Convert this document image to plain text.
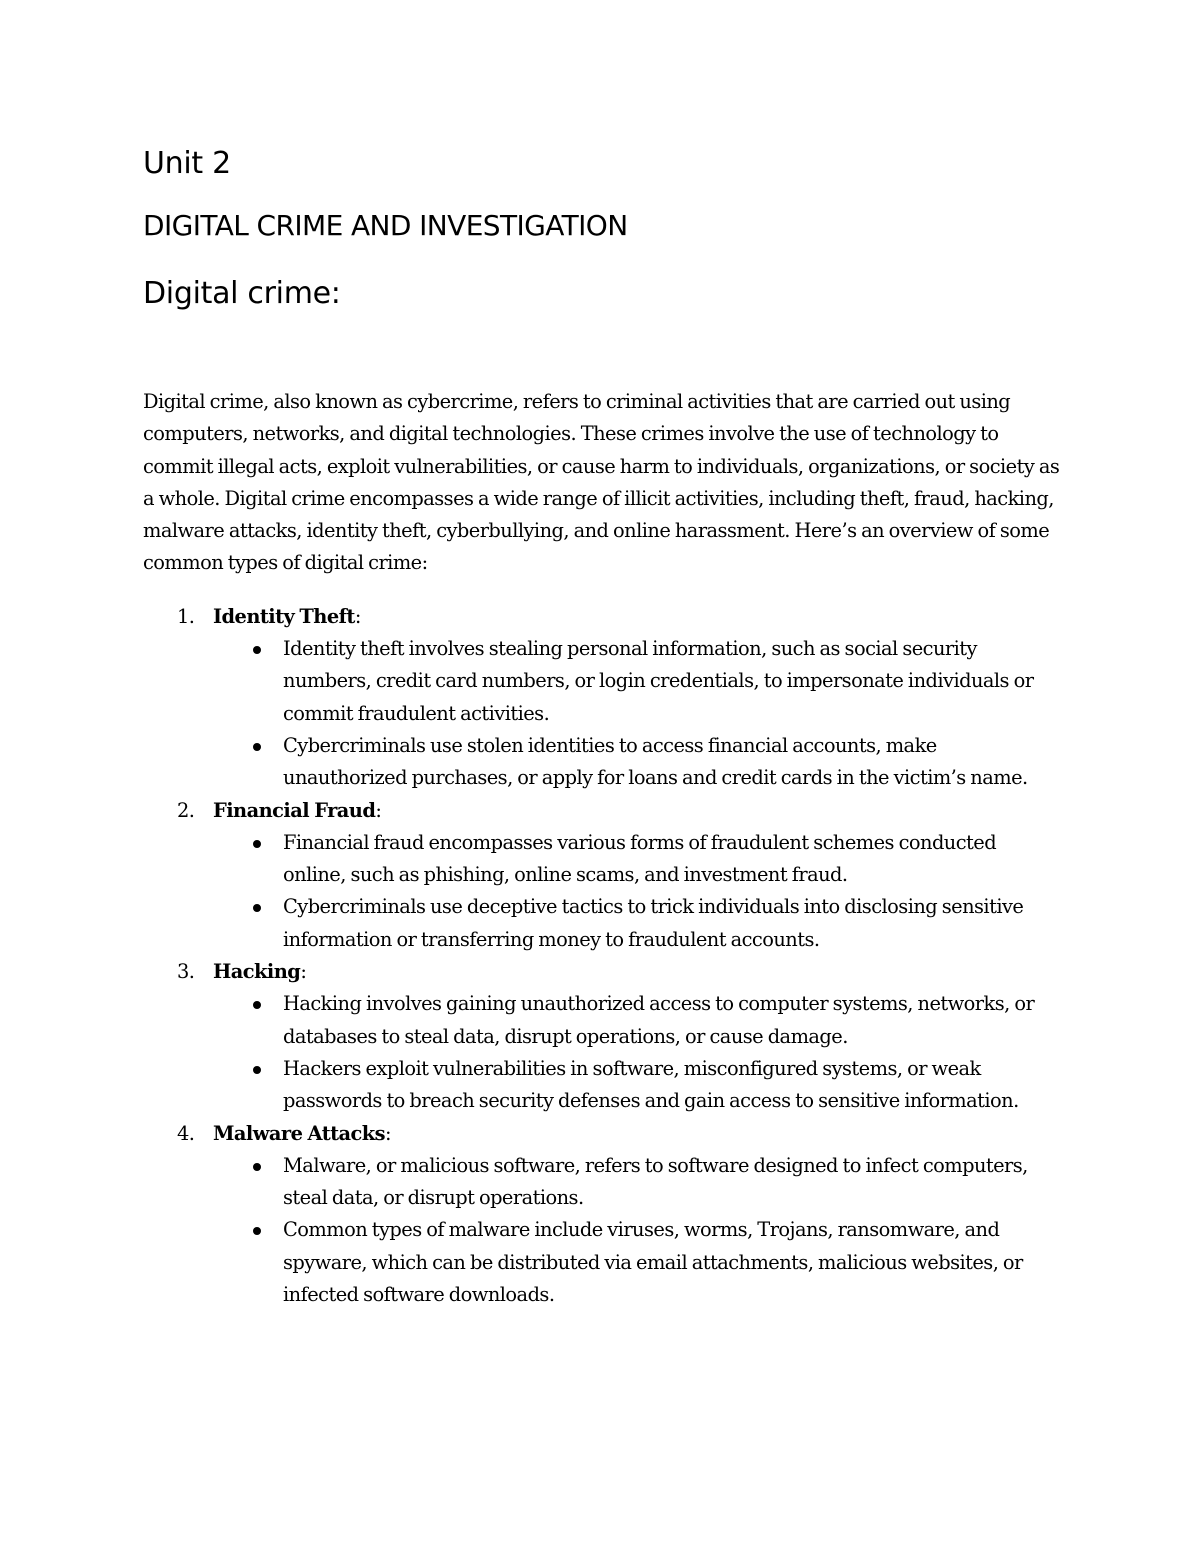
Unit 2
DIGITAL CRIME AND INVESTIGATION
Digital crime:

Digital crime, also known as cybercrime, refers to criminal activities that are carried out using computers, networks, and digital technologies. These crimes involve the use of technology to commit illegal acts, exploit vulnerabilities, or cause harm to individuals, organizations, or society as a whole. Digital crime encompasses a wide range of illicit activities, including theft, fraud, hacking, malware attacks, identity theft, cyberbullying, and online harassment. Here’s an overview of some common types of digital crime:

1. Identity Theft:
Identity theft involves stealing personal information, such as social security numbers, credit card numbers, or login credentials, to impersonate individuals or commit fraudulent activities.
Cybercriminals use stolen identities to access financial accounts, make unauthorized purchases, or apply for loans and credit cards in the victim’s name.
2. Financial Fraud:
Financial fraud encompasses various forms of fraudulent schemes conducted online, such as phishing, online scams, and investment fraud.
Cybercriminals use deceptive tactics to trick individuals into disclosing sensitive information or transferring money to fraudulent accounts.
3. Hacking:
Hacking involves gaining unauthorized access to computer systems, networks, or databases to steal data, disrupt operations, or cause damage.
Hackers exploit vulnerabilities in software, misconfigured systems, or weak passwords to breach security defenses and gain access to sensitive information.
4. Malware Attacks:
Malware, or malicious software, refers to software designed to infect computers, steal data, or disrupt operations.
Common types of malware include viruses, worms, Trojans, ransomware, and spyware, which can be distributed via email attachments, malicious websites, or infected software downloads.
